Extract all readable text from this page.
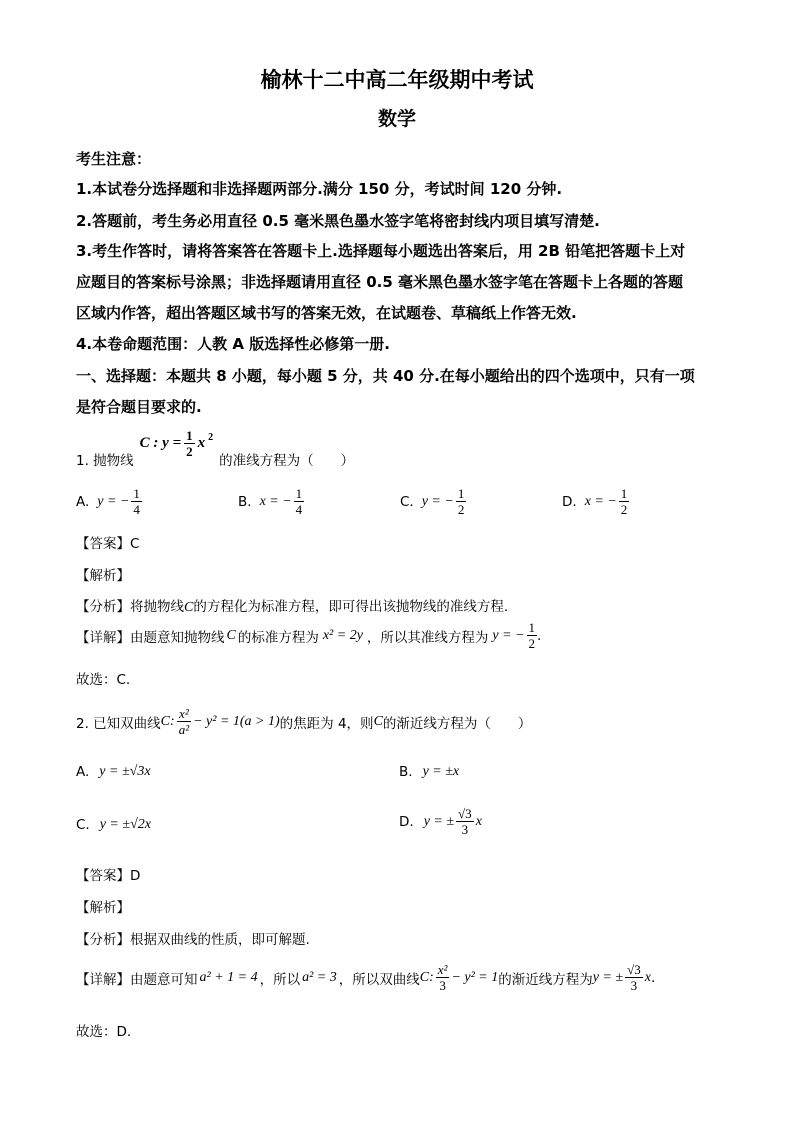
榆林十二中高二年级期中考试
数学
考生注意：
1.本试卷分选择题和非选择题两部分.满分 150 分，考试时间 120 分钟.
2.答题前，考生务必用直径 0.5 毫米黑色墨水签字笔将密封线内项目填写清楚.
3.考生作答时，请将答案答在答题卡上.选择题每小题选出答案后，用 2B 铅笔把答题卡上对
应题目的答案标号涂黑；非选择题请用直径 0.5 毫米黑色墨水签字笔在答题卡上各题的答题
区域内作答，超出答题区域书写的答案无效，在试题卷、草稿纸上作答无效.
4.本卷命题范围：人教 A 版选择性必修第一册.
一、选择题：本题共 8 小题，每小题 5 分，共 40 分.在每小题给出的四个选项中，只有一项
是符合题目要求的.
1. 抛物线
C : $y = \frac{1}{2}$ x 2
的准线方程为（　　）
A. y = − $\frac{1}{4}$	B. x = − $\frac{1}{4}$	C. y = − $\frac{1}{2}$	D. x = − $\frac{1}{2}$
【答案】C
【解析】
【分析】将抛物线C的方程化为标准方程，即可得出该抛物线的准线方程.
【详解】 由题意知抛物线 C 的标准方程为 x² = 2y ，所以其准线方程为 y = − $\frac{1}{2}$ .
故选：C.
2. 已知双曲线 C : $\frac{\text{x²}}{\text{a²}} - y^2 = 1(a > 1)$ 的焦距为 4，则 C 的渐近线方程为（　　）
A. y = ±√3x	B. y = ±x
C. y = ±√2x	D. y = ± $\frac{√3}{3}$ x
【答案】D
【解析】
【分析】根据双曲线的性质，即可解题.
【详解】 由题意可知 a² + 1 = 4 ，所以 a² = 3 ，所以双曲线 C : $\frac{\text{x²}}{3} - y^2 = 1$ 的渐近线方程为 y = ± $\frac{√3}{3}$ x .
故选：D.
